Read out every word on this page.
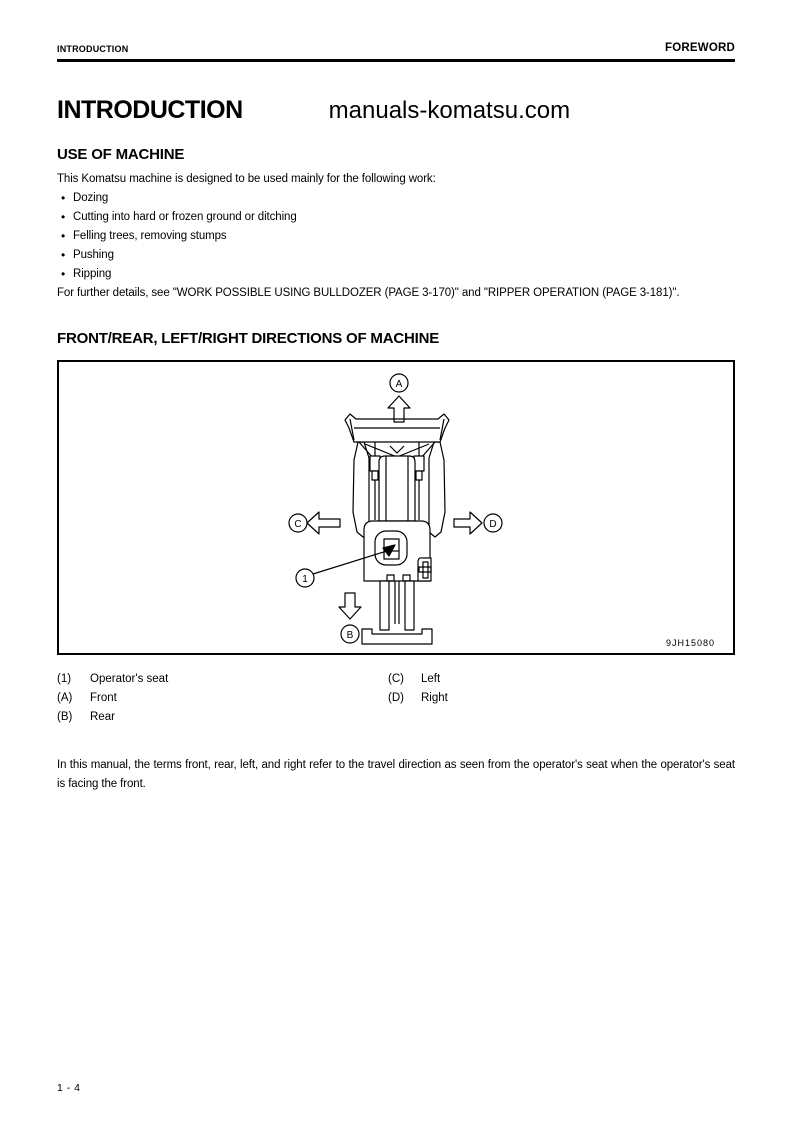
INTRODUCTION	FOREWORD
INTRODUCTION	manuals-komatsu.com
USE OF MACHINE

This Komatsu machine is designed to be used mainly for the following work:

• Dozing
• Cutting into hard or frozen ground or ditching
• Felling trees, removing stumps
• Pushing
• Ripping

For further details, see "WORK POSSIBLE USING BULLDOZER (PAGE 3-170)" and "RIPPER OPERATION (PAGE 3-181)".

FRONT/REAR, LEFT/RIGHT DIRECTIONS OF MACHINE
A
B
C	D
1
9JH15080
(1)	Operator's seat
(A)	Front
(B)	Rear
(C)	Left
(D)	Right

In this manual, the terms front, rear, left, and right refer to the travel direction as seen from the operator's seat when the operator's seat is facing the front.

1 - 4
